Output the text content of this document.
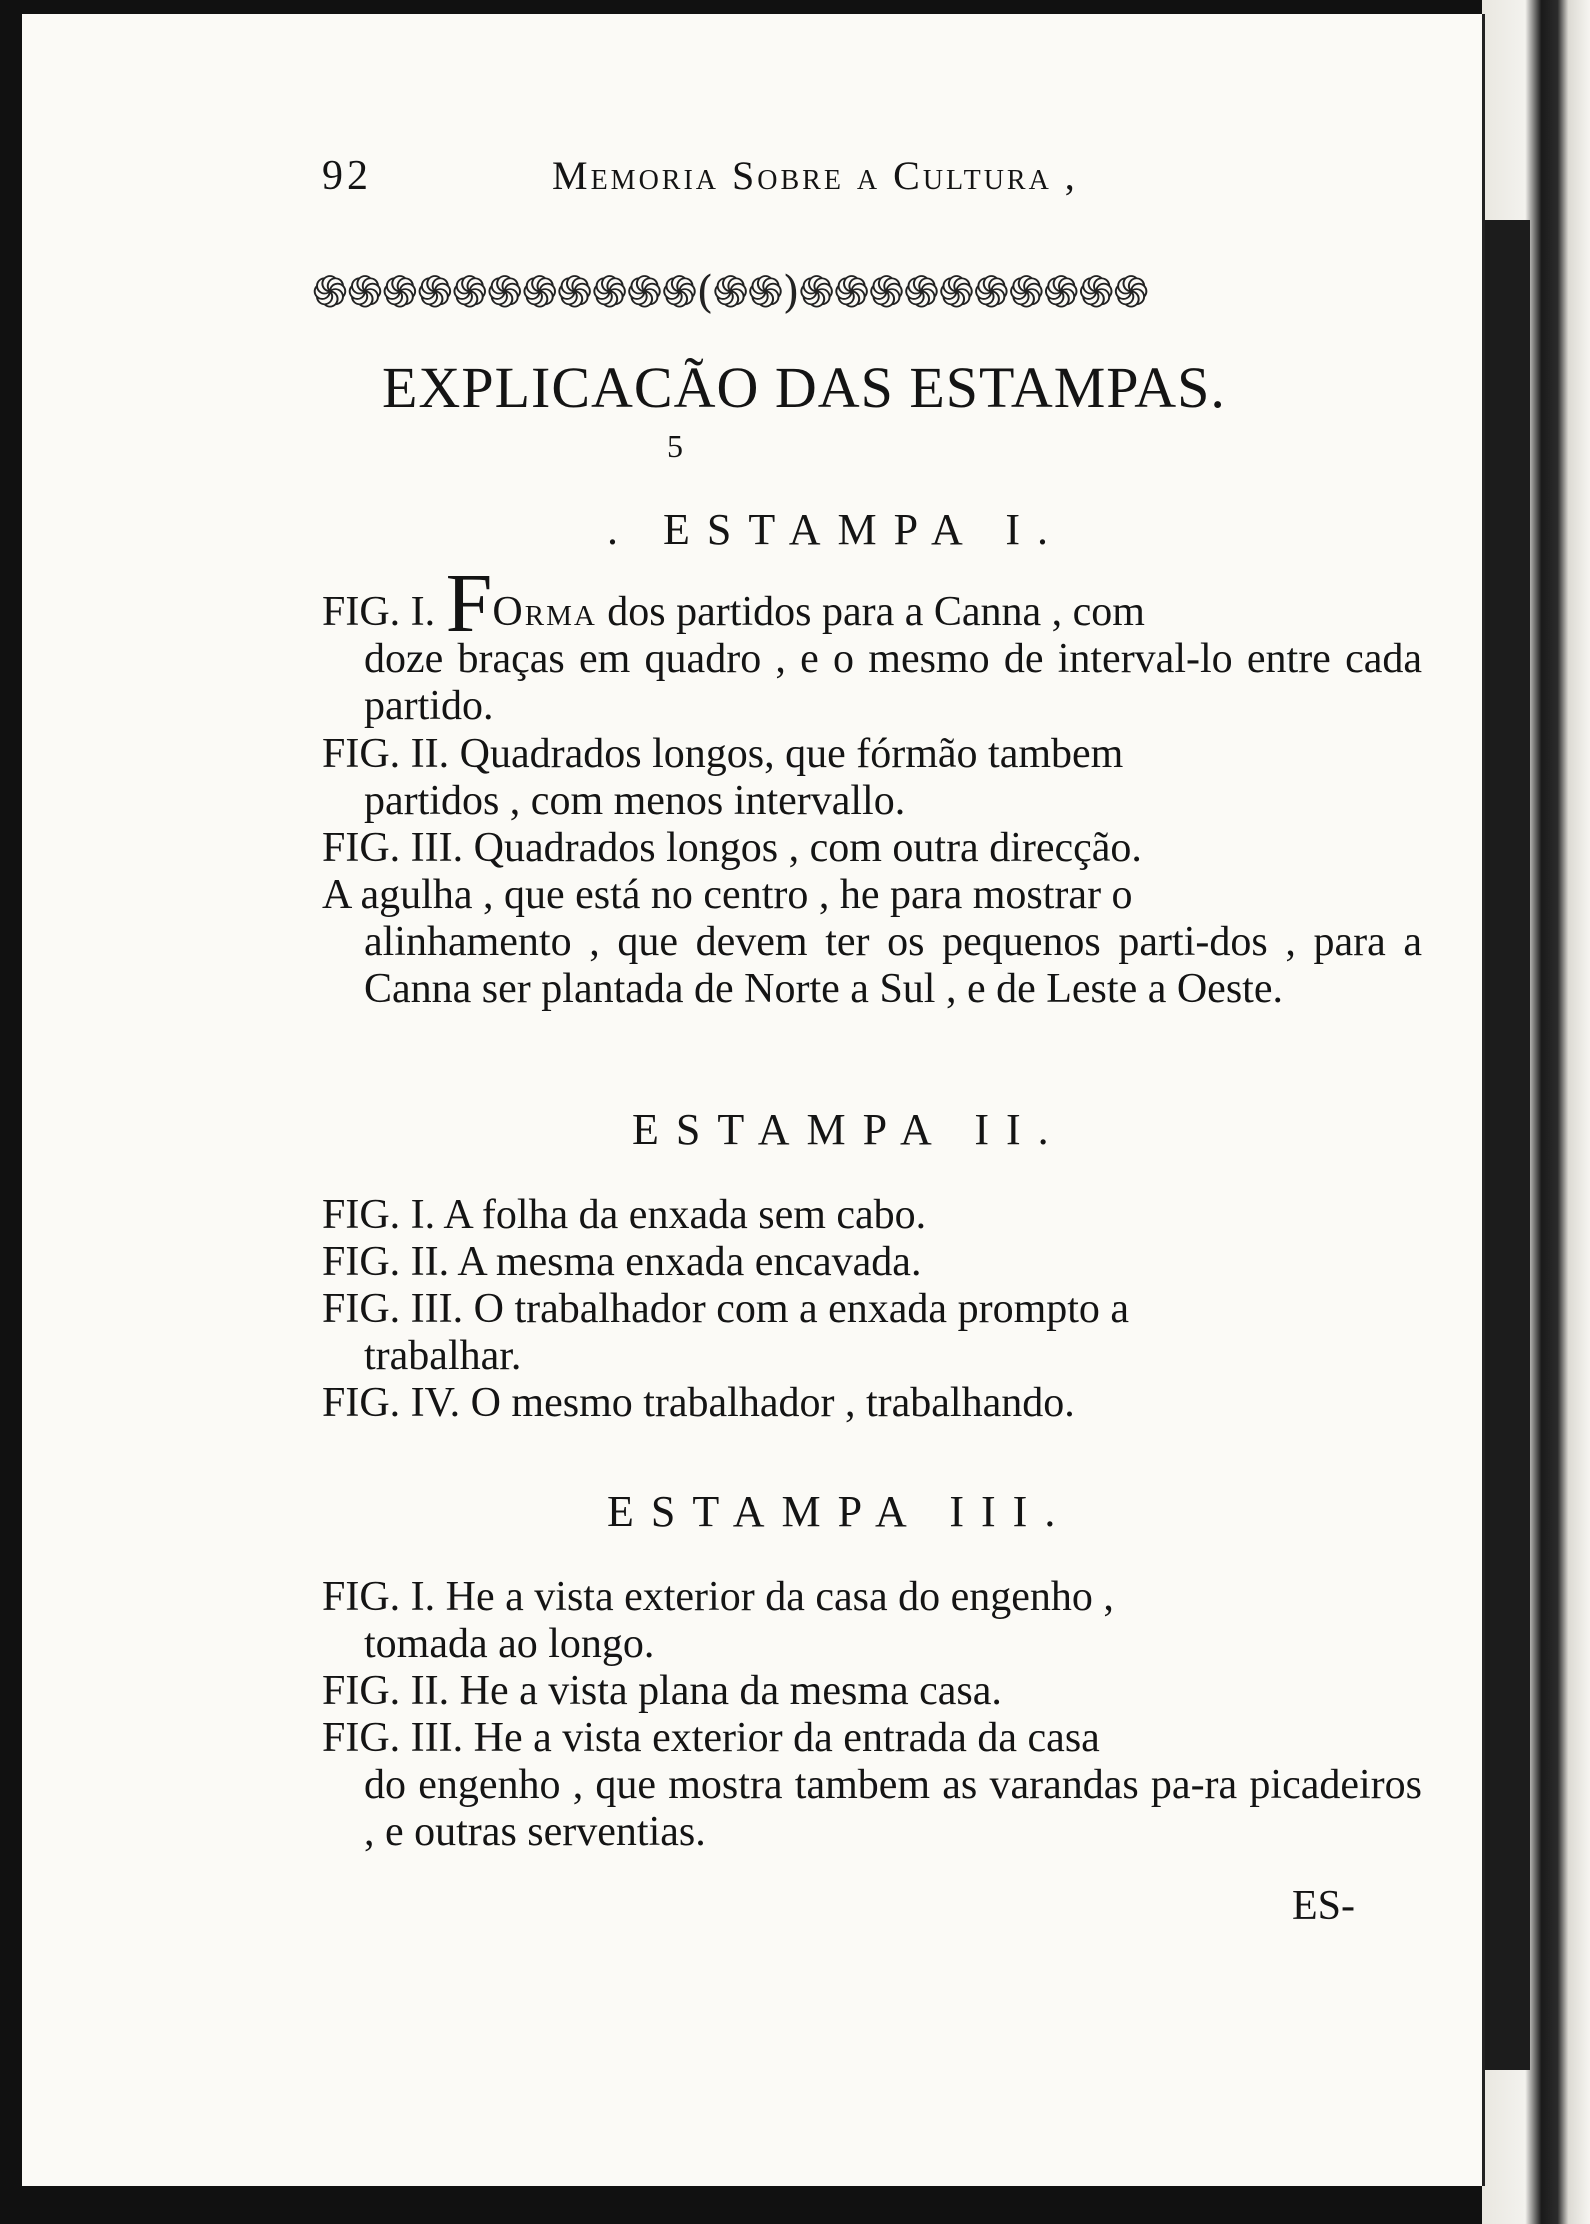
92	Memoria Sobre a Cultura ,
֍֍֍֍֍֍֍֍֍֍֍(֍֍)֍֍֍֍֍֍֍֍֍֍
EXPLICACÃO DAS ESTAMPAS.
5
. ESTAMPA I.
FIG. I. FOrma dos partidos para a Canna , com
doze braças em quadro , e o mesmo de interval-lo entre cada partido.
FIG. II. Quadrados longos, que fórmão tambem
partidos , com menos intervallo.
FIG. III. Quadrados longos , com outra direcção.
A agulha , que está no centro , he para mostrar o
alinhamento , que devem ter os pequenos parti-dos , para a Canna ser plantada de Norte a Sul , e de Leste a Oeste.
ESTAMPA II.
FIG. I. A folha da enxada sem cabo.
FIG. II. A mesma enxada encavada.
FIG. III. O trabalhador com a enxada prompto a
trabalhar.
FIG. IV. O mesmo trabalhador , trabalhando.
ESTAMPA III.
FIG. I. He a vista exterior da casa do engenho ,
tomada ao longo.
FIG. II. He a vista plana da mesma casa.
FIG. III. He a vista exterior da entrada da casa
do engenho , que mostra tambem as varandas pa-ra picadeiros , e outras serventias.
ES-
